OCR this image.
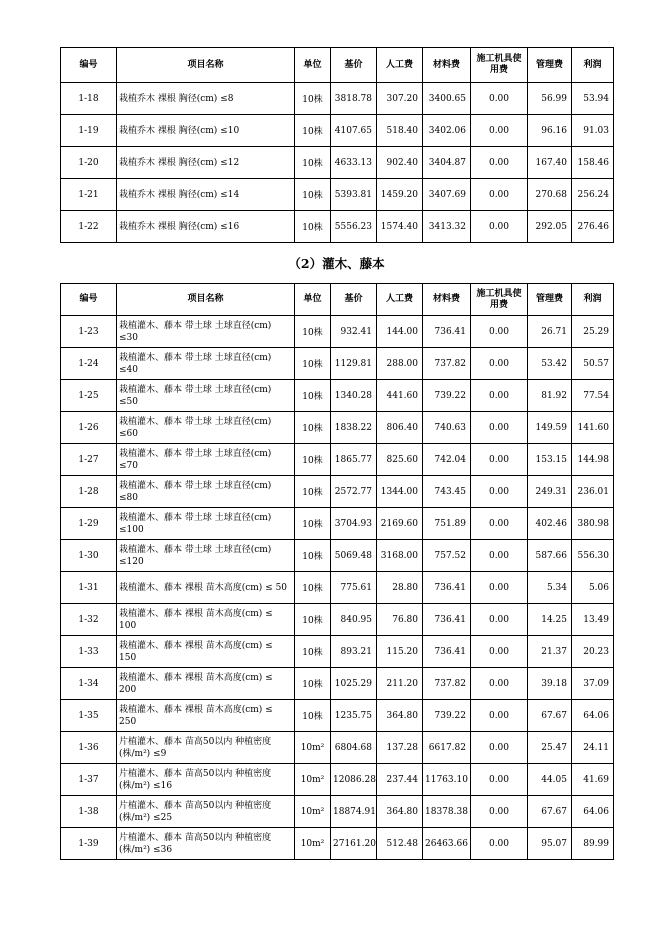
编号	项目名称	单位	基价	人工费	材料费	施工机具使用费	管理费	利润
1-18	栽植乔木 裸根 胸径(cm) ≤8	10株	3818.78	307.20	3400.65	0.00	56.99	53.94
1-19	栽植乔木 裸根 胸径(cm) ≤10	10株	4107.65	518.40	3402.06	0.00	96.16	91.03
1-20	栽植乔木 裸根 胸径(cm) ≤12	10株	4633.13	902.40	3404.87	0.00	167.40	158.46
1-21	栽植乔木 裸根 胸径(cm) ≤14	10株	5393.81	1459.20	3407.69	0.00	270.68	256.24
1-22	栽植乔木 裸根 胸径(cm) ≤16	10株	5556.23	1574.40	3413.32	0.00	292.05	276.46
（2）灌木、藤本
编号	项目名称	单位	基价	人工费	材料费	施工机具使用费	管理费	利润
1-23	栽植灌木、藤本 带土球 土球直径(cm) ≤30	10株	932.41	144.00	736.41	0.00	26.71	25.29
1-24	栽植灌木、藤本 带土球 土球直径(cm) ≤40	10株	1129.81	288.00	737.82	0.00	53.42	50.57
1-25	栽植灌木、藤本 带土球 土球直径(cm) ≤50	10株	1340.28	441.60	739.22	0.00	81.92	77.54
1-26	栽植灌木、藤本 带土球 土球直径(cm) ≤60	10株	1838.22	806.40	740.63	0.00	149.59	141.60
1-27	栽植灌木、藤本 带土球 土球直径(cm) ≤70	10株	1865.77	825.60	742.04	0.00	153.15	144.98
1-28	栽植灌木、藤本 带土球 土球直径(cm) ≤80	10株	2572.77	1344.00	743.45	0.00	249.31	236.01
1-29	栽植灌木、藤本 带土球 土球直径(cm) ≤100	10株	3704.93	2169.60	751.89	0.00	402.46	380.98
1-30	栽植灌木、藤本 带土球 土球直径(cm) ≤120	10株	5069.48	3168.00	757.52	0.00	587.66	556.30
1-31	栽植灌木、藤本 裸根 苗木高度(cm) ≤ 50	10株	775.61	28.80	736.41	0.00	5.34	5.06
1-32	栽植灌木、藤本 裸根 苗木高度(cm) ≤ 100	10株	840.95	76.80	736.41	0.00	14.25	13.49
1-33	栽植灌木、藤本 裸根 苗木高度(cm) ≤ 150	10株	893.21	115.20	736.41	0.00	21.37	20.23
1-34	栽植灌木、藤本 裸根 苗木高度(cm) ≤ 200	10株	1025.29	211.20	737.82	0.00	39.18	37.09
1-35	栽植灌木、藤本 裸根 苗木高度(cm) ≤ 250	10株	1235.75	364.80	739.22	0.00	67.67	64.06
1-36	片植灌木、藤本 苗高50以内 种植密度(株/m²) ≤9	10m²	6804.68	137.28	6617.82	0.00	25.47	24.11
1-37	片植灌木、藤本 苗高50以内 种植密度(株/m²) ≤16	10m²	12086.28	237.44	11763.10	0.00	44.05	41.69
1-38	片植灌木、藤本 苗高50以内 种植密度(株/m²) ≤25	10m²	18874.91	364.80	18378.38	0.00	67.67	64.06
1-39	片植灌木、藤本 苗高50以内 种植密度(株/m²) ≤36	10m²	27161.20	512.48	26463.66	0.00	95.07	89.99
